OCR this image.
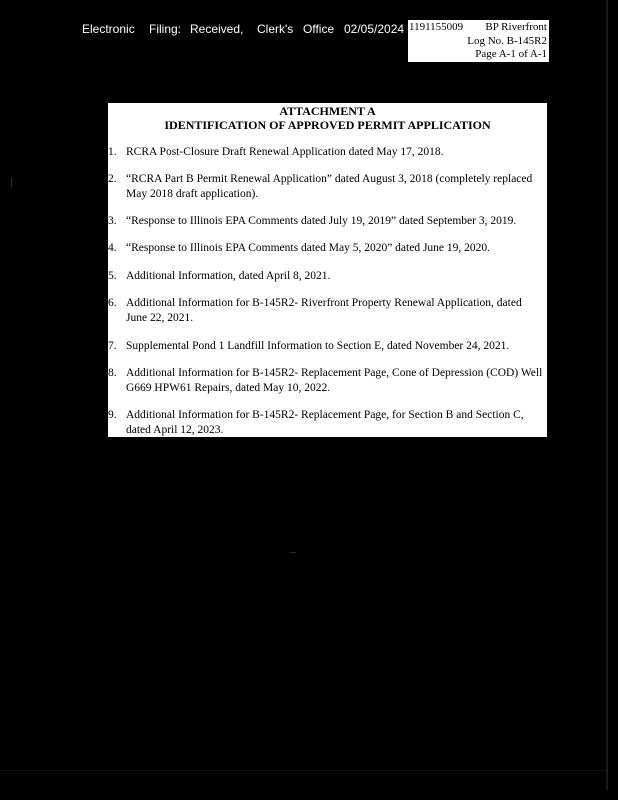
Electronic	Filing: Received,	Clerk's Office 02/05/2024 1191155009 BP Riverfront
Log No. B-145R2
Page A-1 of A-1
ATTACHMENT A
IDENTIFICATION OF APPROVED PERMIT APPLICATION
1. RCRA Post-Closure Draft Renewal Application dated May 17, 2018.
2. “RCRA Part B Permit Renewal Application” dated August 3, 2018 (completely replaced May 2018 draft application).
3. “Response to Illinois EPA Comments dated July 19, 2019” dated September 3, 2019.
4. “Response to Illinois EPA Comments dated May 5, 2020” dated June 19, 2020.
5. Additional Information, dated April 8, 2021.
6. Additional Information for B-145R2- Riverfront Property Renewal Application, dated June 22, 2021.
7. Supplemental Pond 1 Landfill Information to Section E, dated November 24, 2021.
8. Additional Information for B-145R2- Replacement Page, Cone of Depression (COD) Well G669 HPW61 Repairs, dated May 10, 2022.
9. Additional Information for B-145R2- Replacement Page, for Section B and Section C, dated April 12, 2023.
